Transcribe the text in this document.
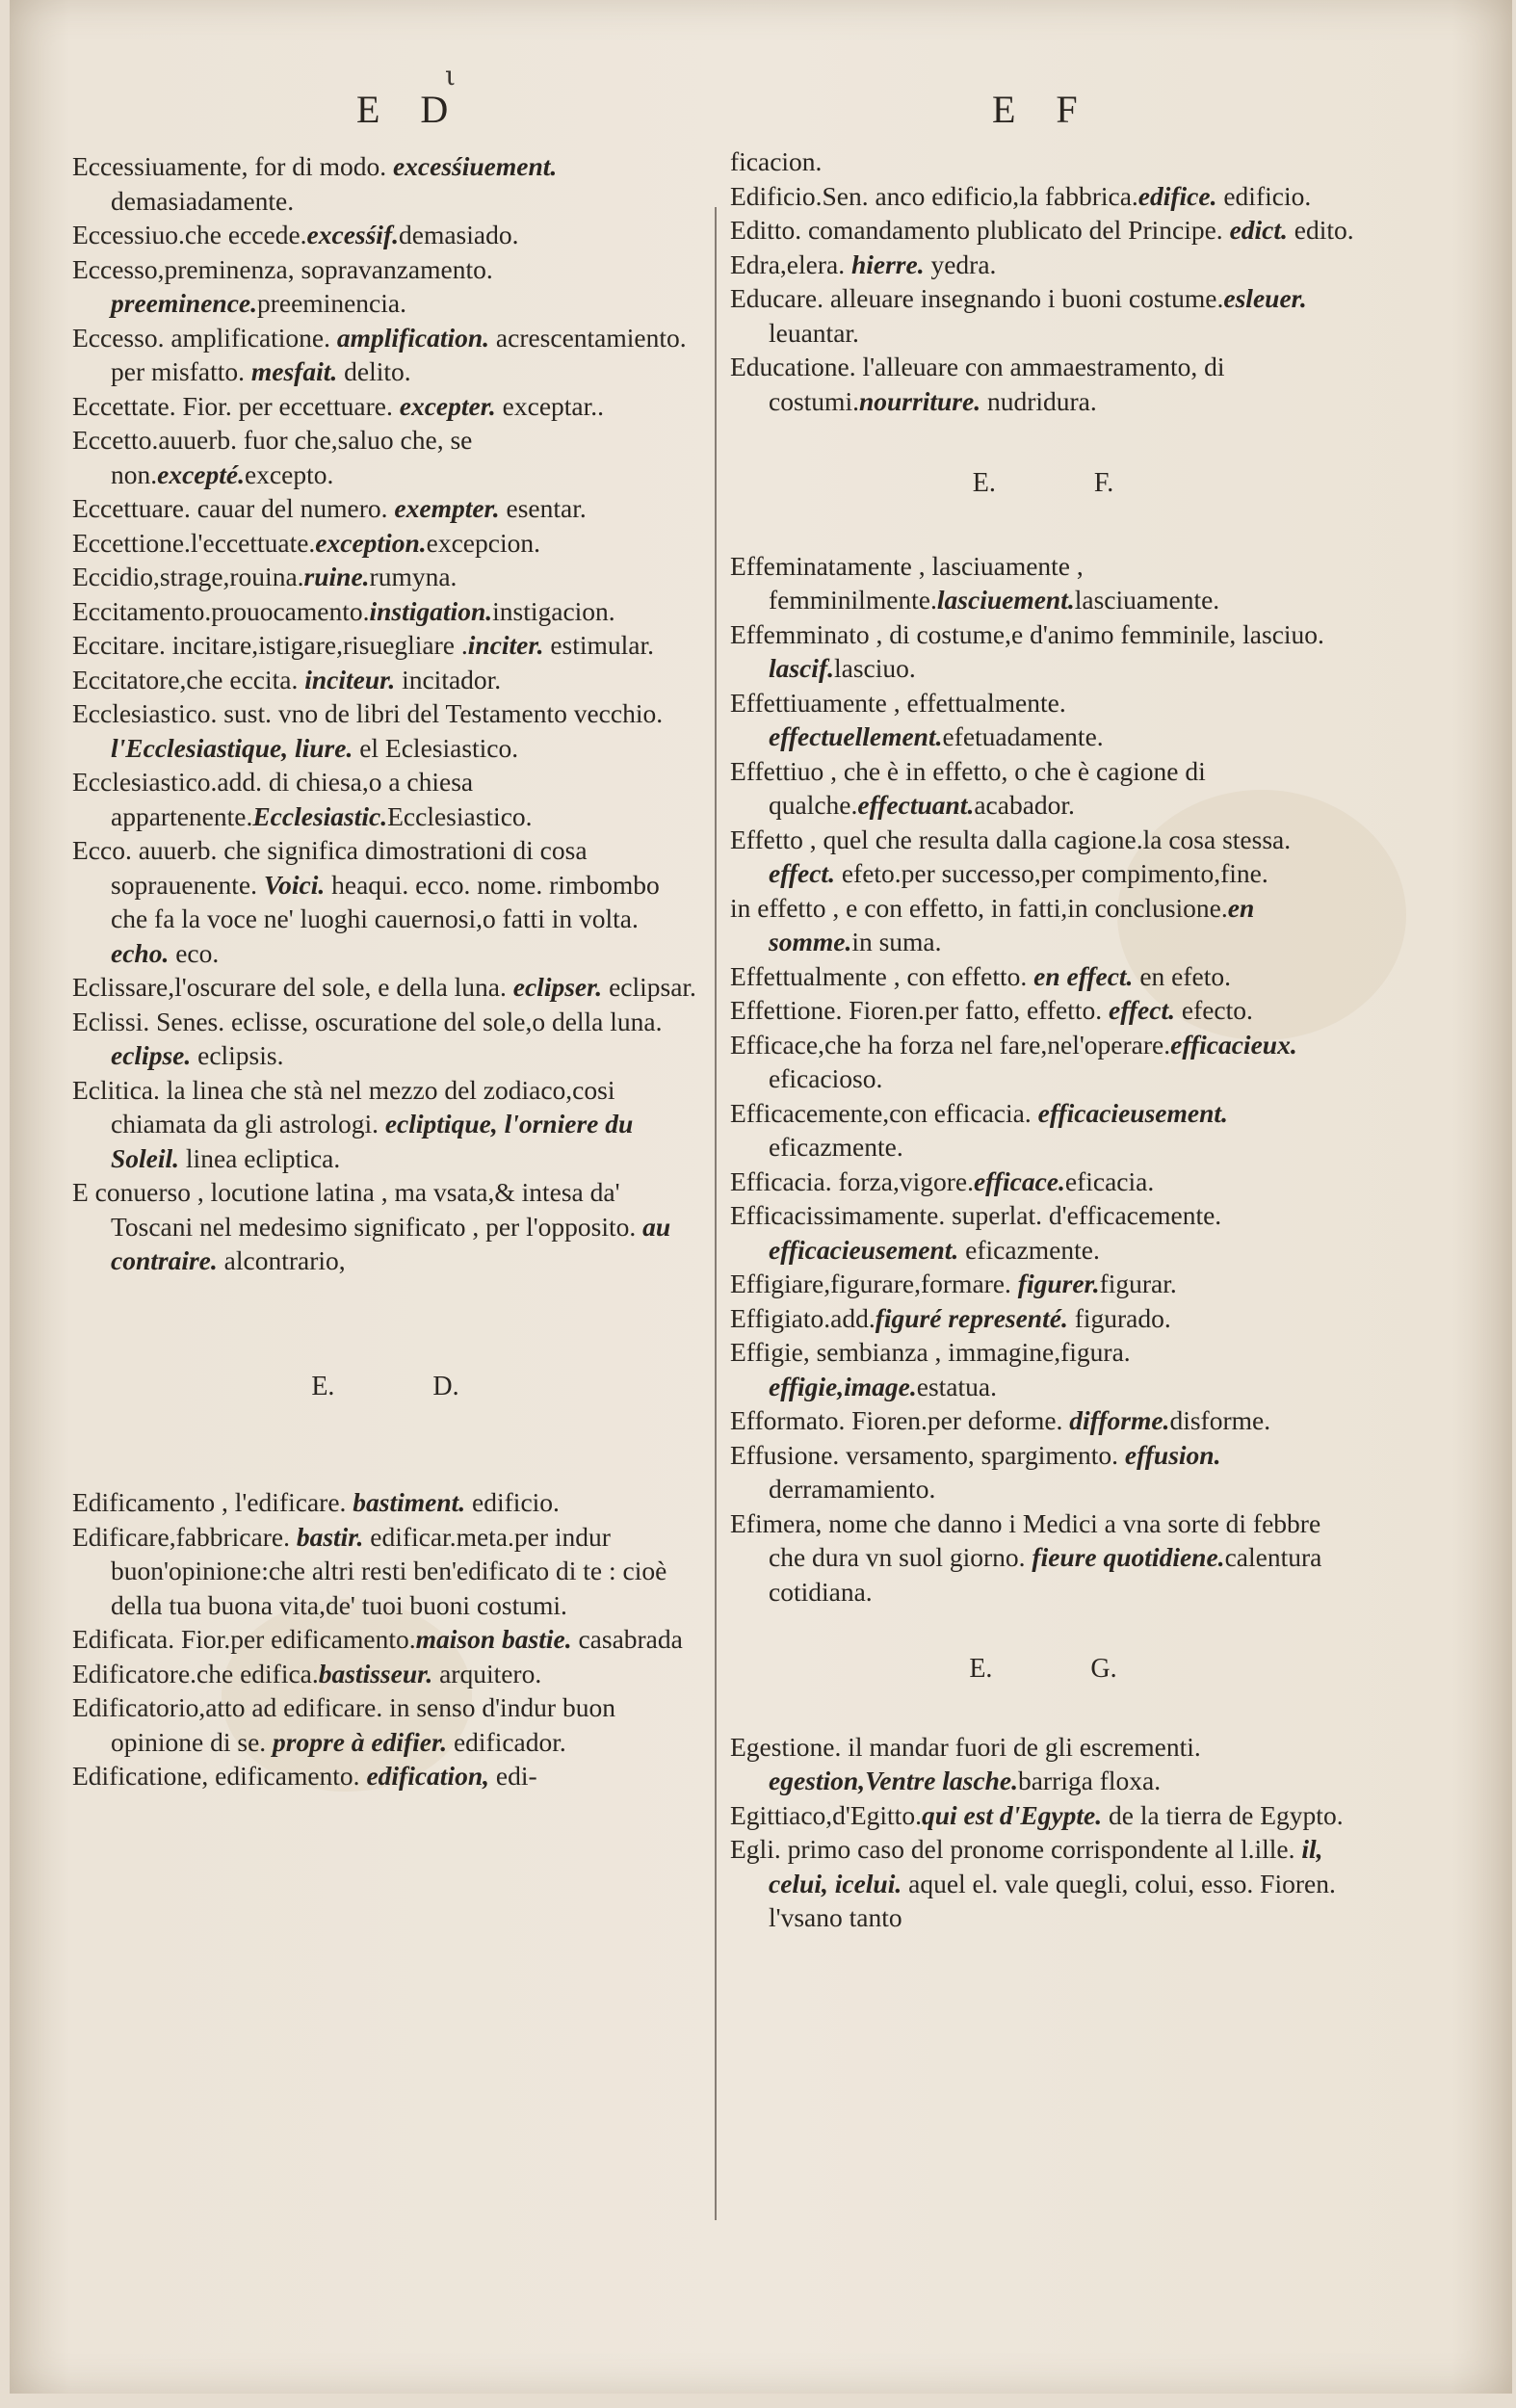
ι
E D	E F

Eccessiuamente, for di modo. excesśiuement. demasiadamente.

Eccessiuo.che eccede.excesśif.demasiado.

Eccesso,preminenza, sopravanzamento. preeminence.preeminencia.

Eccesso. amplificatione. amplification. acrescentamiento. per misfatto. mesfait. delito.

Eccettate. Fior. per eccettuare. excepter. exceptar..

Eccetto.auuerb. fuor che,saluo che, se non.excepté.excepto.

Eccettuare. cauar del numero. exempter. esentar.

Eccettione.l'eccettuate.exception.excepcion.

Eccidio,strage,rouina.ruine.rumyna.

Eccitamento.prouocamento.instigation.instigacion.

Eccitare. incitare,istigare,risuegliare .inciter. estimular.

Eccitatore,che eccita. inciteur. incitador.

Ecclesiastico. sust. vno de libri del Testamento vecchio. l'Ecclesiastique, liure. el Eclesiastico.

Ecclesiastico.add. di chiesa,o a chiesa appartenente.Ecclesiastic.Ecclesiastico.

Ecco. auuerb. che significa dimostrationi di cosa soprauenente. Voici. heaqui. ecco. nome. rimbombo che fa la voce ne' luoghi cauernosi,o fatti in volta. echo. eco.

Eclissare,l'oscurare del sole, e della luna. eclipser. eclipsar.

Eclissi. Senes. eclisse, oscuratione del sole,o della luna. eclipse. eclipsis.

Eclitica. la linea che stà nel mezzo del zodiaco,cosi chiamata da gli astrologi. ecliptique, l'orniere du Soleil. linea ecliptica.

E conuerso , locutione latina , ma vsata,& intesa da' Toscani nel medesimo significato , per l'opposito. au contraire. alcontrario,

E. D.

Edificamento , l'edificare. bastiment. edificio.

Edificare,fabbricare. bastir. edificar.meta.per indur buon'opinione:che altri resti ben'edificato di te : cioè della tua buona vita,de' tuoi buoni costumi.

Edificata. Fior.per edificamento.maison bastie. casabrada

Edificatore.che edifica.bastisseur. arquitero.

Edificatorio,atto ad edificare. in senso d'indur buon opinione di se. propre à edifier. edificador.

Edificatione, edificamento. edification, edi-

ficacion.

Edificio.Sen. anco edificio,la fabbrica.edifice. edificio.

Editto. comandamento plublicato del Principe. edict. edito.

Edra,elera. hierre. yedra.

Educare. alleuare insegnando i buoni costume.esleuer. leuantar.

Educatione. l'alleuare con ammaestramento, di costumi.nourriture. nudridura.

E. F.

Effeminatamente , lasciuamente , femminilmente.lasciuement.lasciuamente.

Effemminato , di costume,e d'animo femminile, lasciuo. lascif.lasciuo.

Effettiuamente , effettualmente. effectuellement.efetuadamente.

Effettiuo , che è in effetto, o che è cagione di qualche.effectuant.acabador.

Effetto , quel che resulta dalla cagione.la cosa stessa. effect. efeto.per successo,per compimento,fine.

in effetto , e con effetto, in fatti,in conclusione.en somme.in suma.

Effettualmente , con effetto. en effect. en efeto.

Effettione. Fioren.per fatto, effetto. effect. efecto.

Efficace,che ha forza nel fare,nel'operare.efficacieux. eficacioso.

Efficacemente,con efficacia. efficacieusement. eficazmente.

Efficacia. forza,vigore.efficace.eficacia.

Efficacissimamente. superlat. d'efficacemente. efficacieusement. eficazmente.

Effigiare,figurare,formare. figurer.figurar.

Effigiato.add.figuré representé. figurado.

Effigie, sembianza , immagine,figura. effigie,image.estatua.

Efformato. Fioren.per deforme. difforme.disforme.

Effusione. versamento, spargimento. effusion. derramamiento.

Efimera, nome che danno i Medici a vna sorte di febbre che dura vn suol giorno. fieure quotidiene.calentura cotidiana.

E. G.

Egestione. il mandar fuori de gli escrementi. egestion,Ventre lasche.barriga floxa.

Egittiaco,d'Egitto.qui est d'Egypte. de la tierra de Egypto.

Egli. primo caso del pronome corrispondente al l.ille. il, celui, icelui. aquel el. vale quegli, colui, esso. Fioren. l'vsano tanto
